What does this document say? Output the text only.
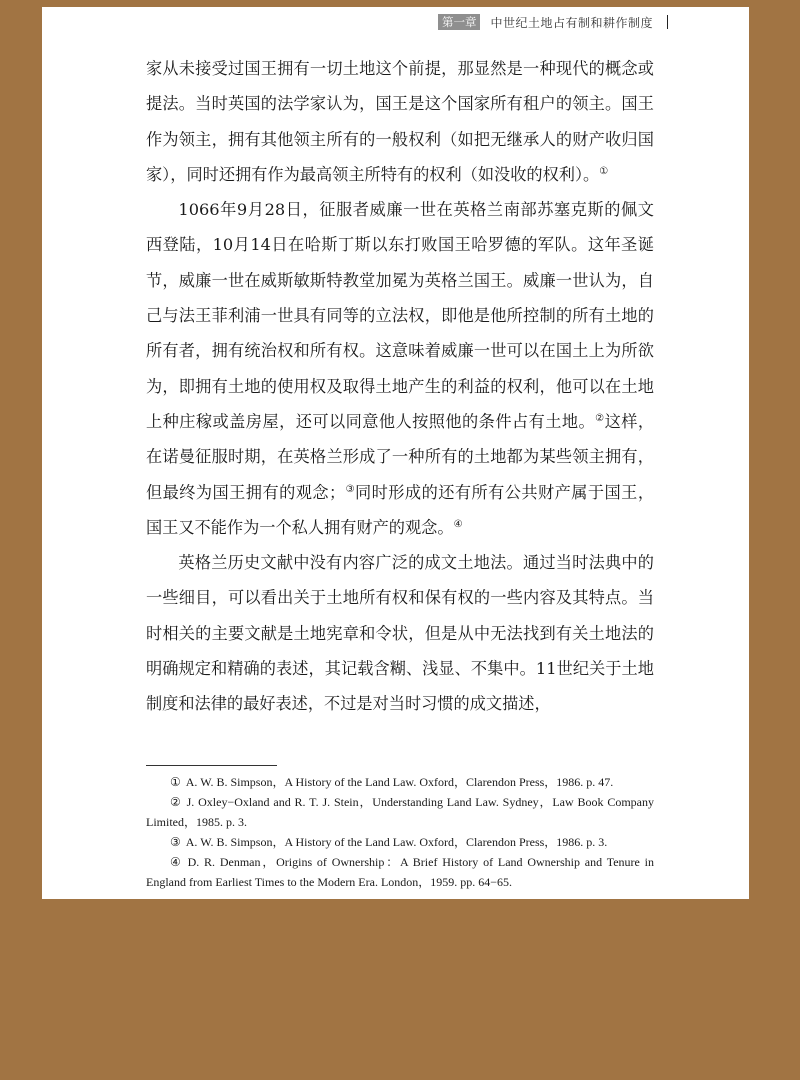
第一章	中世纪土地占有制和耕作制度

家从未接受过国王拥有一切土地这个前提，那显然是一种现代的概念或提法。当时英国的法学家认为，国王是这个国家所有租户的领主。国王作为领主，拥有其他领主所有的一般权利（如把无继承人的财产收归国家），同时还拥有作为最高领主所特有的权利（如没收的权利）。①

1066年9月28日，征服者威廉一世在英格兰南部苏塞克斯的佩文西登陆，10月14日在哈斯丁斯以东打败国王哈罗德的军队。这年圣诞节，威廉一世在威斯敏斯特教堂加冕为英格兰国王。威廉一世认为，自己与法王菲利浦一世具有同等的立法权，即他是他所控制的所有土地的所有者，拥有统治权和所有权。这意味着威廉一世可以在国土上为所欲为，即拥有土地的使用权及取得土地产生的利益的权利，他可以在土地上种庄稼或盖房屋，还可以同意他人按照他的条件占有土地。②这样，在诺曼征服时期，在英格兰形成了一种所有的土地都为某些领主拥有，但最终为国王拥有的观念；③同时形成的还有所有公共财产属于国王，国王又不能作为一个私人拥有财产的观念。④

英格兰历史文献中没有内容广泛的成文土地法。通过当时法典中的一些细目，可以看出关于土地所有权和保有权的一些内容及其特点。当时相关的主要文献是土地宪章和令状，但是从中无法找到有关土地法的明确规定和精确的表述，其记载含糊、浅显、不集中。11世纪关于土地制度和法律的最好表述，不过是对当时习惯的成文描述，

① A. W. B. Simpson，A History of the Land Law. Oxford，Clarendon Press，1986. p. 47.

② J. Oxley−Oxland and R. T. J. Stein，Understanding Land Law. Sydney，Law Book Company Limited，1985. p. 3.

③ A. W. B. Simpson，A History of the Land Law. Oxford，Clarendon Press，1986. p. 3.

④ D. R. Denman，Origins of Ownership：A Brief History of Land Ownership and Tenure in England from Earliest Times to the Modern Era. London，1959. pp. 64−65.
